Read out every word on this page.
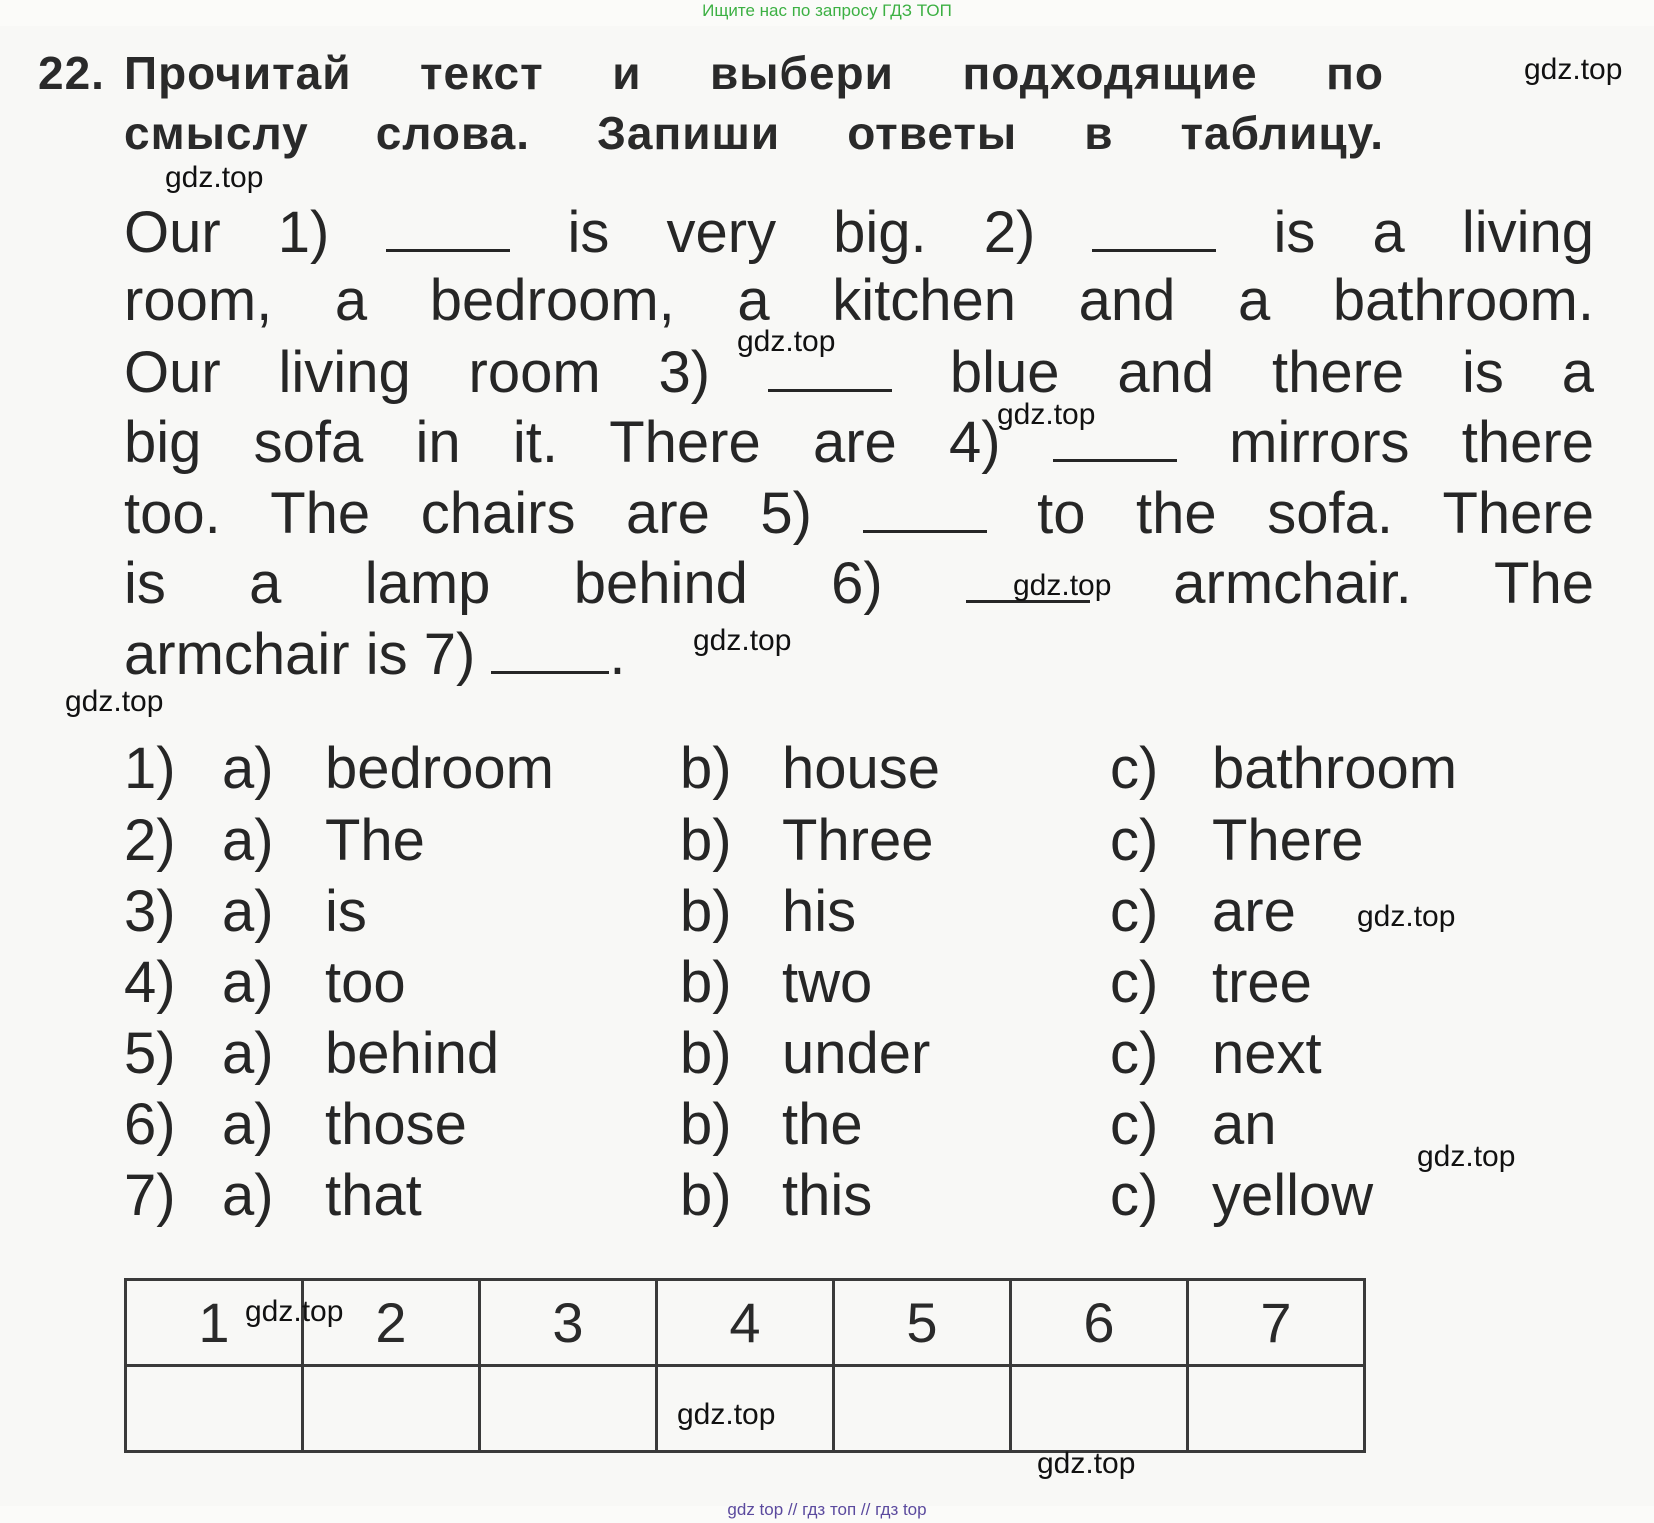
Ищите нас по запросу ГДЗ ТОП
22. Прочитай текст и выбери подходящие по
смыслу слова. Запиши ответы в таблицу.
Our 1)	is very big. 2)	is a living
room, a bedroom, a kitchen and a bathroom.
Our living room 3)	blue and there is a
big sofa in it. There are 4)	mirrors there
too. The chairs are 5)	to the sofa. There
is a lamp behind 6)	armchair. The
armchair is 7) .
1) a) bedroom b) house	c) bathroom
2) a) The	b) Three	c) There
3) a) is	b) his	c) are
4) a) too	b) two	c) tree
5) a) behind	b) under	c) next
6) a) those	b) the	c) an
7) a) that	b) this	c) yellow
1	2	3	4	5	6	7

gdz.top
gdz.top
gdz.top
gdz.top
gdz.top
gdz.top
gdz.top
gdz.top
gdz.top
gdz.top
gdz.top
gdz.top
gdz top // гдз топ // гдз top
